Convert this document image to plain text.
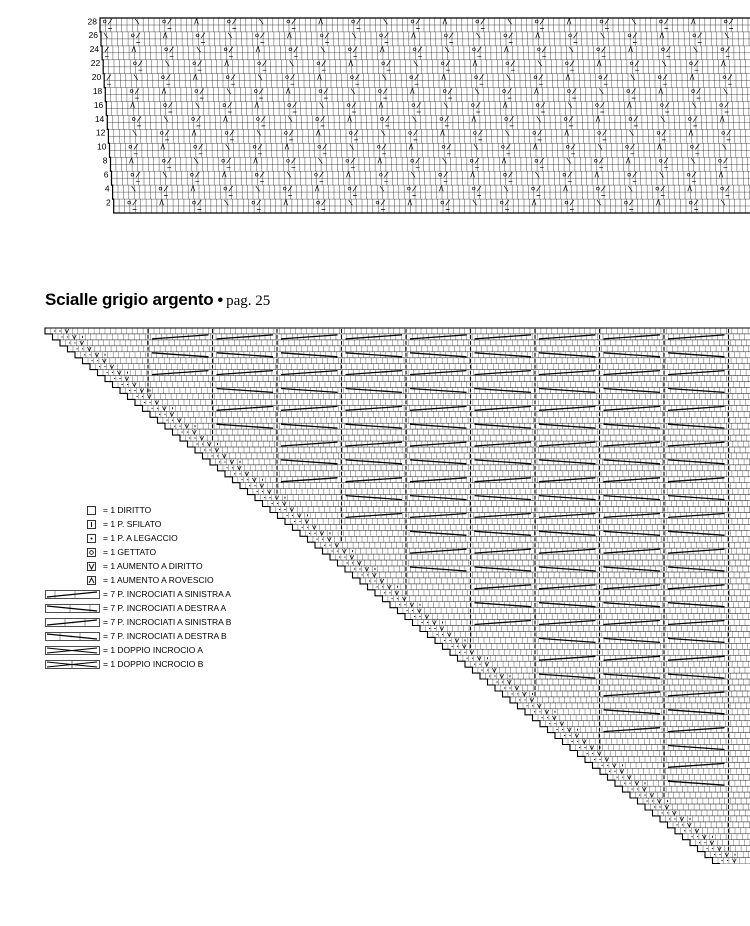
28
26
24
22
20
18
16
14
12
10
8
6
4
2
Scialle grigio argento • pag. 25
= 1 DIRITTO
= 1 P. SFILATO
= 1 P. A LEGACCIO
= 1 GETTATO
= 1 AUMENTO A DIRITTO
= 1 AUMENTO A ROVESCIO
= 7 P. INCROCIATI A SINISTRA A
= 7 P. INCROCIATI A DESTRA A
= 7 P. INCROCIATI A SINISTRA B
= 7 P. INCROCIATI A DESTRA B
= 1 DOPPIO INCROCIO A
= 1 DOPPIO INCROCIO B
